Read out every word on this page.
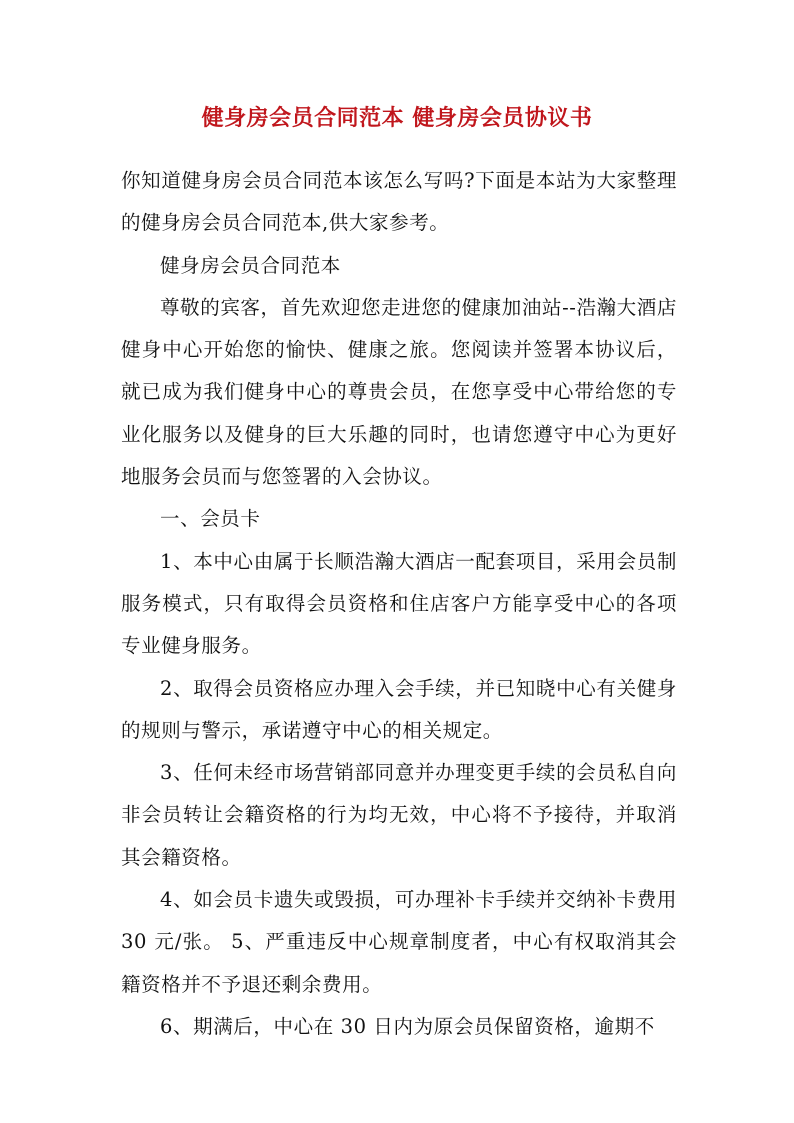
健身房会员合同范本 健身房会员协议书

你知道健身房会员合同范本该怎么写吗?下面是本站为大家整理的健身房会员合同范本,供大家参考。

健身房会员合同范本

尊敬的宾客，首先欢迎您走进您的健康加油站--浩瀚大酒店健身中心开始您的愉快、健康之旅。您阅读并签署本协议后，就已成为我们健身中心的尊贵会员，在您享受中心带给您的专业化服务以及健身的巨大乐趣的同时，也请您遵守中心为更好地服务会员而与您签署的入会协议。

一、会员卡

1、本中心由属于长顺浩瀚大酒店一配套项目，采用会员制服务模式，只有取得会员资格和住店客户方能享受中心的各项专业健身服务。

2、取得会员资格应办理入会手续，并已知晓中心有关健身的规则与警示，承诺遵守中心的相关规定。

3、任何未经市场营销部同意并办理变更手续的会员私自向非会员转让会籍资格的行为均无效，中心将不予接待，并取消其会籍资格。

4、如会员卡遗失或毁损，可办理补卡手续并交纳补卡费用 30 元/张。 5、严重违反中心规章制度者，中心有权取消其会籍资格并不予退还剩余费用。

6、期满后，中心在 30 日内为原会员保留资格，逾期不
